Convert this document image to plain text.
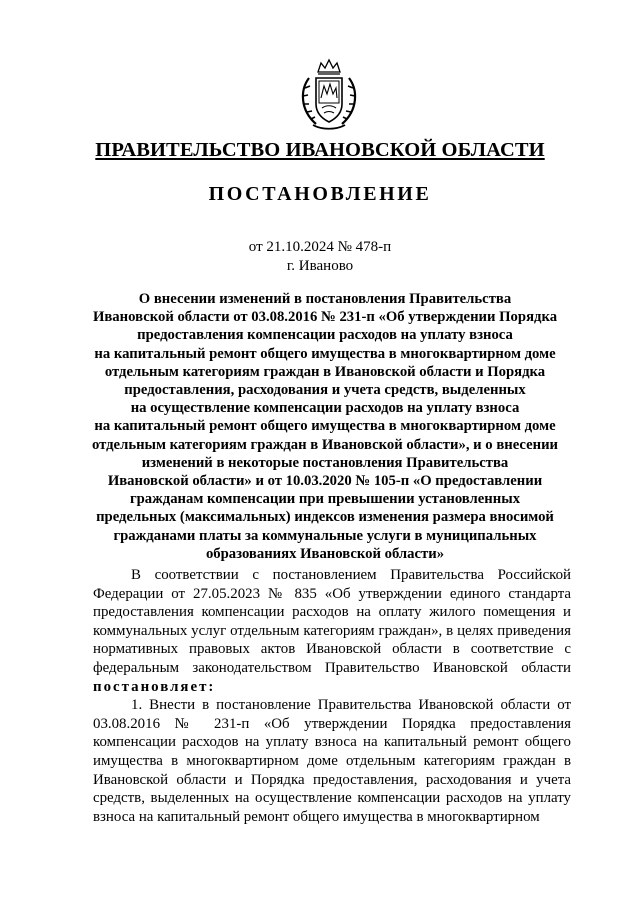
ПРАВИТЕЛЬСТВО ИВАНОВСКОЙ ОБЛАСТИ
ПОСТАНОВЛЕНИЕ
от 21.10.2024 № 478-п
г. Иваново
О внесении изменений в постановления Правительства
Ивановской области от 03.08.2016 № 231-п «Об утверждении Порядка
предоставления компенсации расходов на уплату взноса
на капитальный ремонт общего имущества в многоквартирном доме
отдельным категориям граждан в Ивановской области и Порядка
предоставления, расходования и учета средств, выделенных
на осуществление компенсации расходов на уплату взноса
на капитальный ремонт общего имущества в многоквартирном доме
отдельным категориям граждан в Ивановской области», и о внесении
изменений в некоторые постановления Правительства
Ивановской области» и от 10.03.2020 № 105-п «О предоставлении
гражданам компенсации при превышении установленных
предельных (максимальных) индексов изменения размера вносимой
гражданами платы за коммунальные услуги в муниципальных
образованиях Ивановской области»

В соответствии с постановлением Правительства Российской Федерации от 27.05.2023 № 835 «Об утверждении единого стандарта предоставления компенсации расходов на оплату жилого помещения и коммунальных услуг отдельным категориям граждан», в целях приведения нормативных правовых актов Ивановской области в соответствие с федеральным законодательством Правительство Ивановской области постановляет:

1. Внести в постановление Правительства Ивановской области от 03.08.2016 № 231-п «Об утверждении Порядка предоставления компенсации расходов на уплату взноса на капитальный ремонт общего имущества в многоквартирном доме отдельным категориям граждан в Ивановской области и Порядка предоставления, расходования и учета средств, выделенных на осуществление компенсации расходов на уплату взноса на капитальный ремонт общего имущества в многоквартирном
